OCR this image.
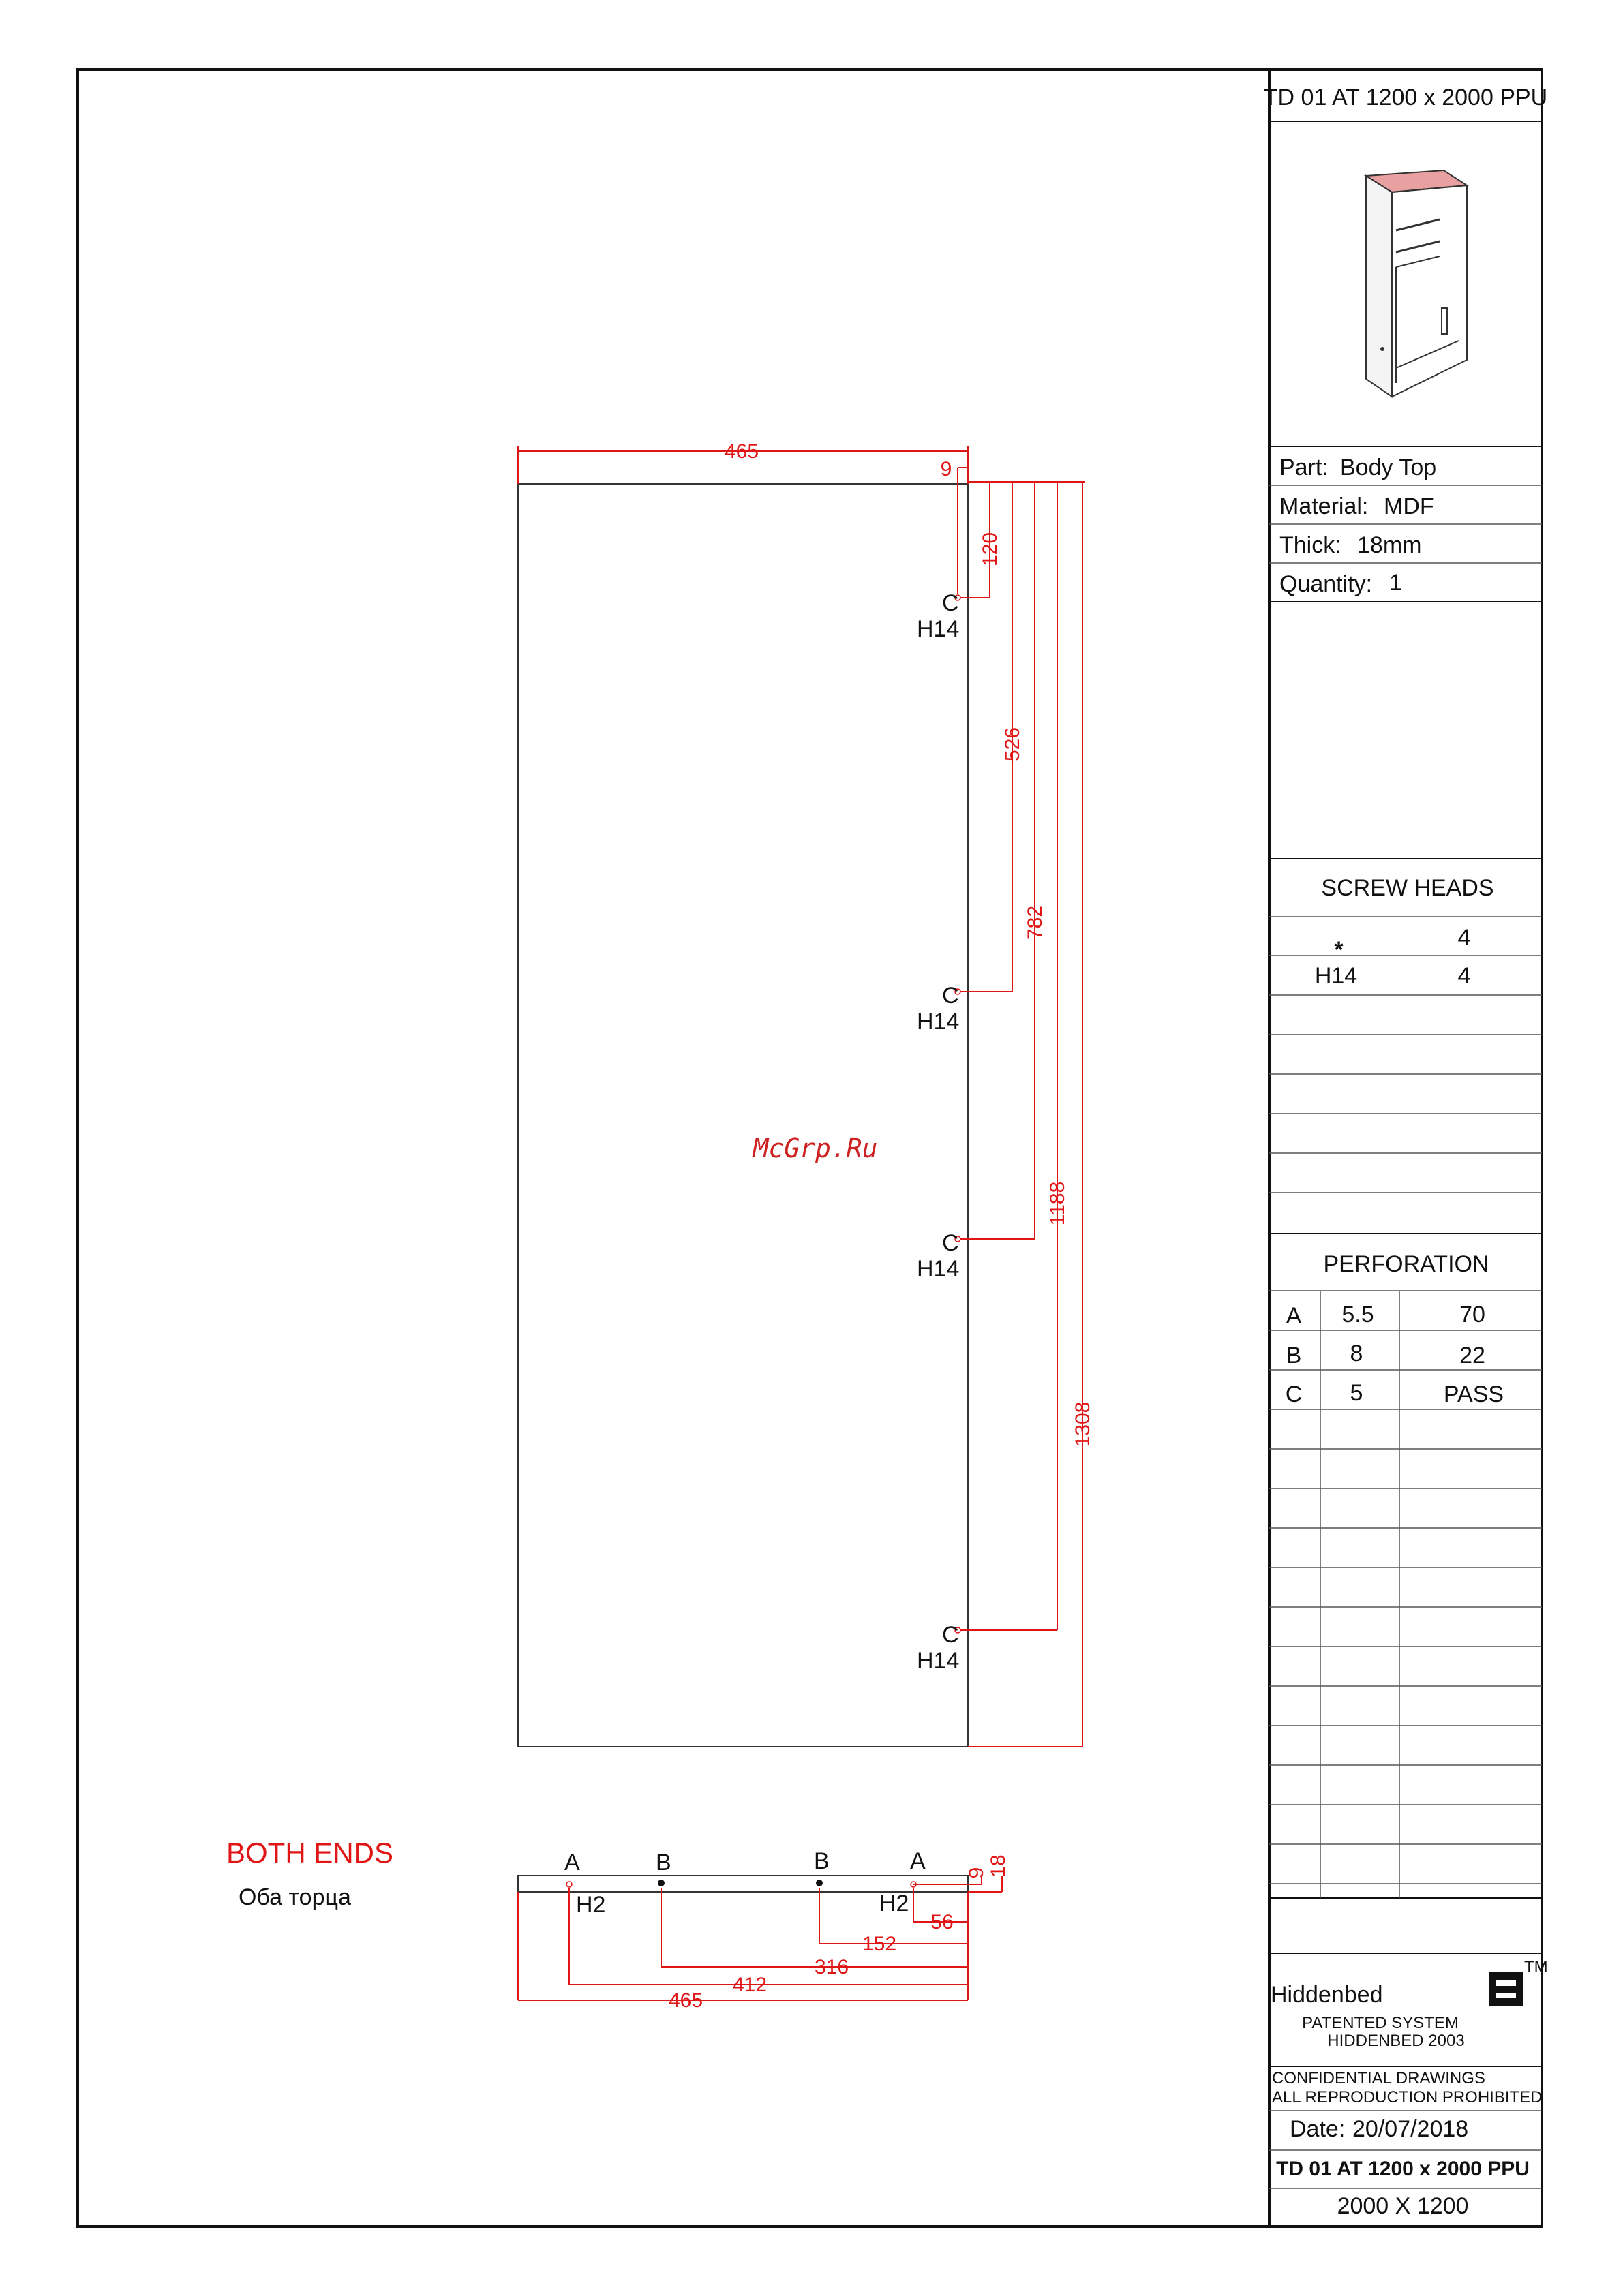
TD 01 AT 1200 x 2000 PPU
Part: Body Top
Material: MDF
Thick: 18mm
Quantity: 1
SCREW HEADS
*	4
H14	4
PERFORATION
A 5.5	70
B 8	22
C 5	PASS
Hiddenbed
TM
PATENTED SYSTEM
HIDDENBED 2003
CONFIDENTIAL DRAWINGS
ALL REPRODUCTION PROHIBITED
Date: 20/07/2018
TD 01 AT 1200 x 2000 PPU
2000 X 1200
465
9
120
526
782
1188
1308
C
H14
C
H14
C
H14
C
H14
McGrp.Ru
BOTH ENDS
Оба торца
A	B	B	A
H2	H2
9 18
56
152
316
412
465
